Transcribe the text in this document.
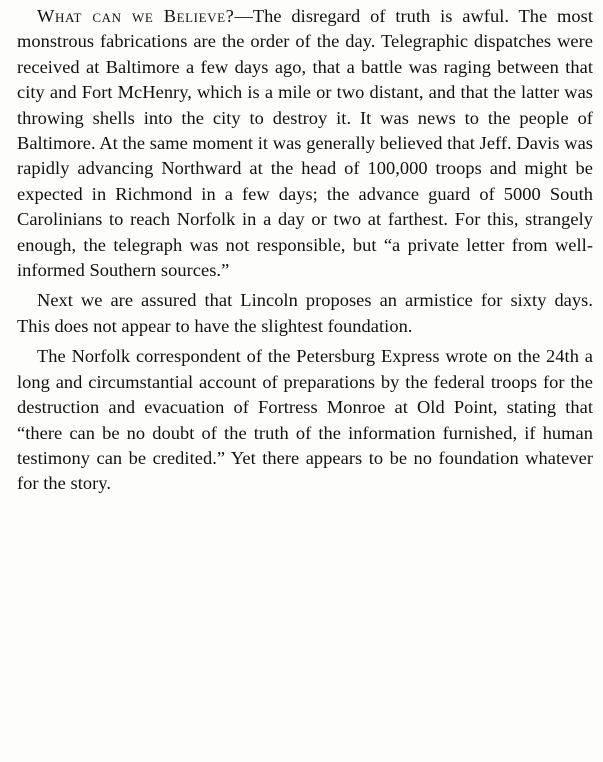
What can we Believe?—The disregard of truth is awful. The most monstrous fabrications are the order of the day. Telegraphic dispatches were received at Baltimore a few days ago, that a battle was raging between that city and Fort McHenry, which is a mile or two distant, and that the latter was throwing shells into the city to destroy it. It was news to the people of Baltimore. At the same moment it was generally believed that Jeff. Davis was rapidly advancing Northward at the head of 100,000 troops and might be expected in Richmond in a few days; the advance guard of 5000 South Carolinians to reach Norfolk in a day or two at farthest. For this, strangely enough, the telegraph was not responsible, but “a private letter from well-informed Southern sources.”

Next we are assured that Lincoln proposes an armistice for sixty days. This does not appear to have the slightest foundation.

The Norfolk correspondent of the Petersburg Express wrote on the 24th a long and circumstantial account of preparations by the federal troops for the destruction and evacuation of Fortress Monroe at Old Point, stating that “there can be no doubt of the truth of the information furnished, if human testimony can be credited.” Yet there appears to be no foundation whatever for the story.
